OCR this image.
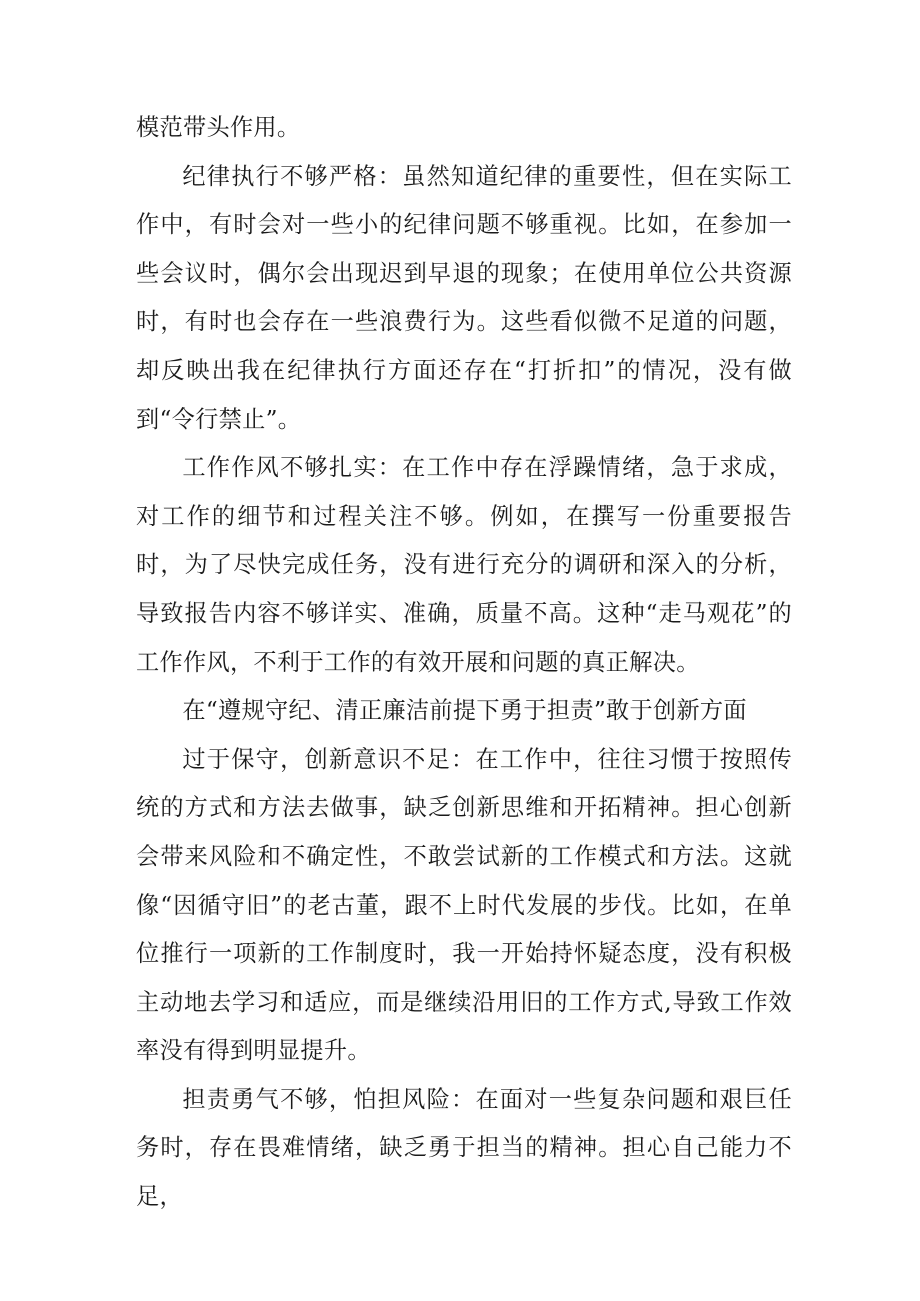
模范带头作用。

纪律执行不够严格：虽然知道纪律的重要性，但在实际工作中，有时会对一些小的纪律问题不够重视。比如，在参加一些会议时，偶尔会出现迟到早退的现象；在使用单位公共资源时，有时也会存在一些浪费行为。这些看似微不足道的问题，却反映出我在纪律执行方面还存在“打折扣”的情况，没有做到“令行禁止”。

工作作风不够扎实：在工作中存在浮躁情绪，急于求成，对工作的细节和过程关注不够。例如，在撰写一份重要报告时，为了尽快完成任务，没有进行充分的调研和深入的分析，导致报告内容不够详实、准确，质量不高。这种“走马观花”的工作作风，不利于工作的有效开展和问题的真正解决。

在“遵规守纪、清正廉洁前提下勇于担责”敢于创新方面

过于保守，创新意识不足：在工作中，往往习惯于按照传统的方式和方法去做事，缺乏创新思维和开拓精神。担心创新会带来风险和不确定性，不敢尝试新的工作模式和方法。这就像“因循守旧”的老古董，跟不上时代发展的步伐。比如，在单位推行一项新的工作制度时，我一开始持怀疑态度，没有积极主动地去学习和适应，而是继续沿用旧的工作方式,导致工作效率没有得到明显提升。

担责勇气不够，怕担风险：在面对一些复杂问题和艰巨任务时，存在畏难情绪，缺乏勇于担当的精神。担心自己能力不足，
